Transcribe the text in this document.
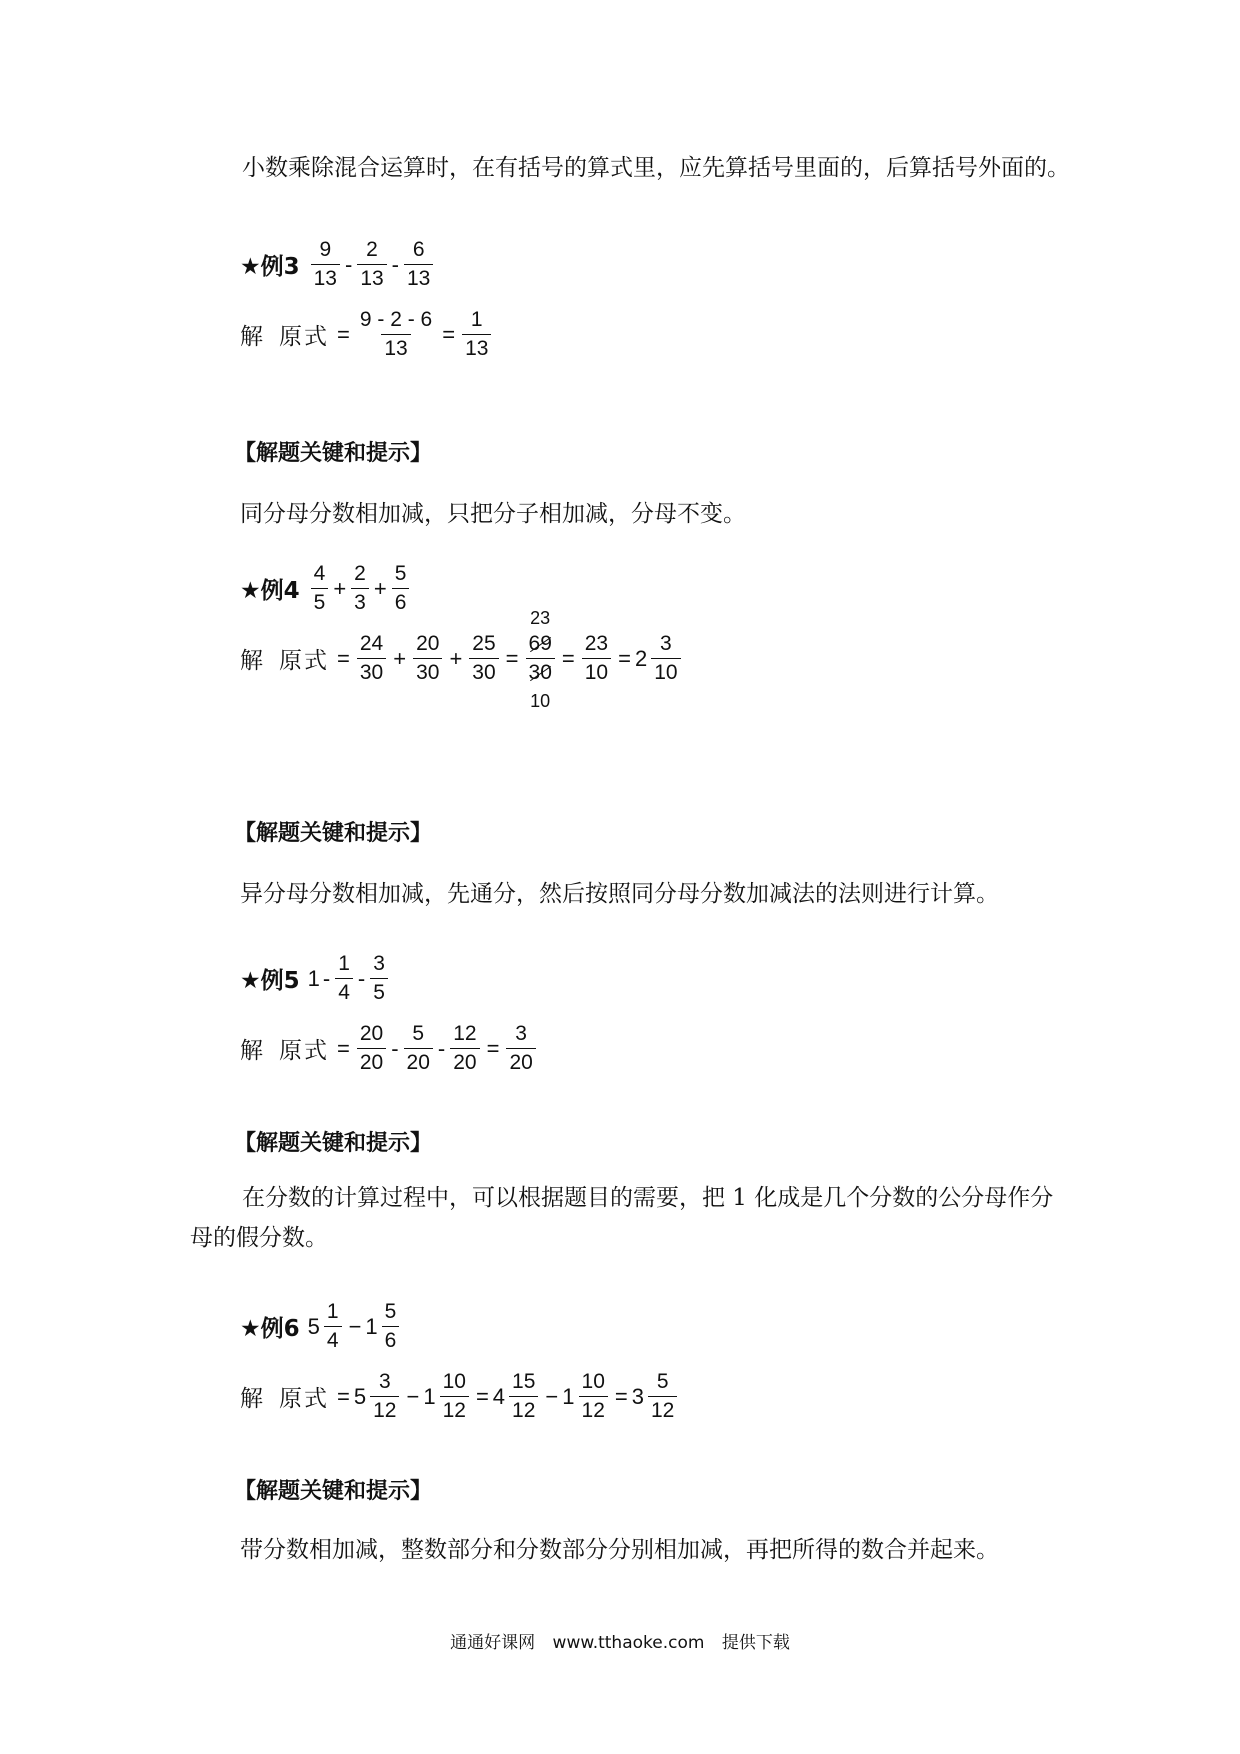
小数乘除混合运算时，在有括号的算式里，应先算括号里面的，后算括号外面的。

★例$3 \frac{9}{13} - \frac{2}{13} - \frac{6}{13}$
解 原式 = $\frac{9 - 2 - 6}{13} = \frac{1}{13}$

【解题关键和提示】

同分母分数相加减，只把分子相加减，分母不变。

★例$4 \frac{4}{5} + \frac{2}{3} + \frac{5}{6}$
解 原式 = $\frac{24}{30} + \frac{20}{30} + \frac{25}{30}$ =
23
69
30
10
= $\frac{23}{10} = 2 \frac{3}{10}$

【解题关键和提示】

异分母分数相加减，先通分，然后按照同分母分数加减法的法则进行计算。

★例5 $1 - \frac{1}{4} - \frac{3}{5}$
解 原式 = $\frac{20}{20} - \frac{5}{20} - \frac{12}{20} = \frac{3}{20}$

【解题关键和提示】

在分数的计算过程中，可以根据题目的需要，把 1 化成是几个分数的公分母作分母的假分数。

★例6 $5 \frac{1}{4} - 1 \frac{5}{6}$
解 原式 = $5 \frac{3}{12} - 1 \frac{10}{12} = 4 \frac{15}{12} - 1 \frac{10}{12} = 3 \frac{5}{12}$

【解题关键和提示】

带分数相加减，整数部分和分数部分分别相加减，再把所得的数合并起来。

通通好课网 www.tthaoke.com 提供下载
